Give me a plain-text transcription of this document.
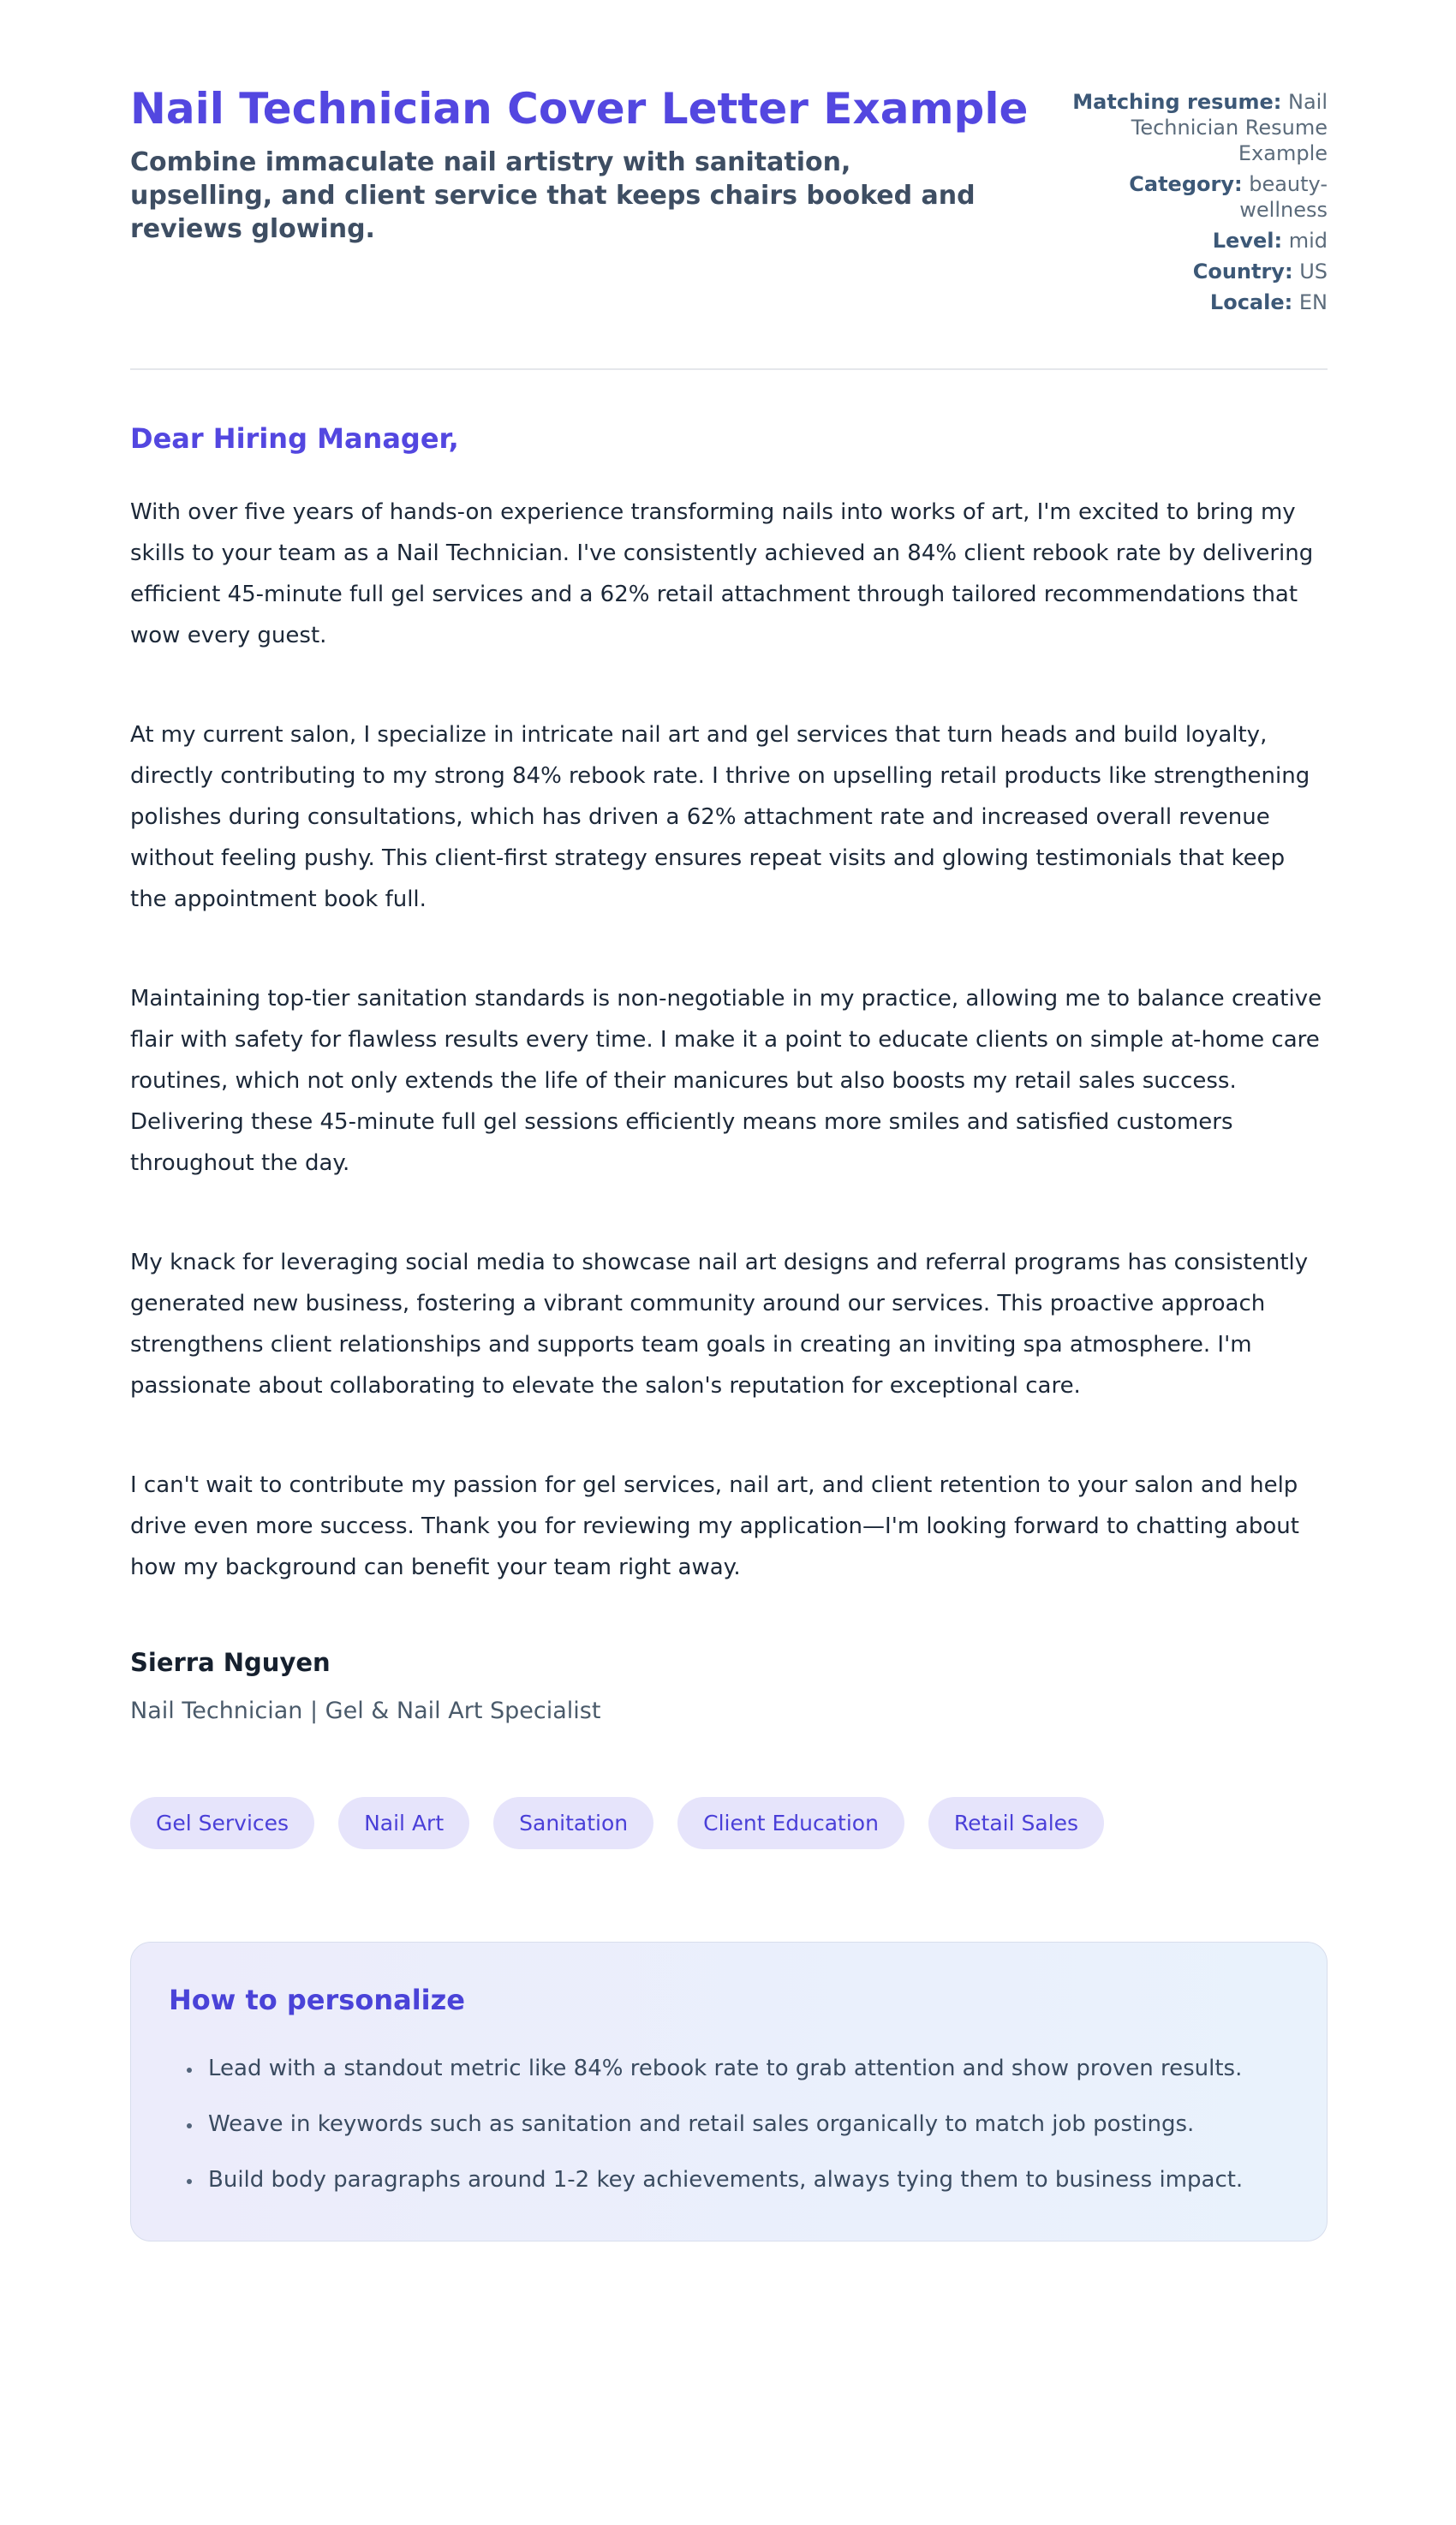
Nail Technician Cover Letter Example

Combine immaculate nail artistry with sanitation, upselling, and client service that keeps chairs booked and reviews glowing.

Matching resume: Nail Technician Resume Example
Category: beauty-wellness
Level: mid
Country: US
Locale: EN

Dear Hiring Manager,

With over five years of hands-on experience transforming nails into works of art, I'm excited to bring my skills to your team as a Nail Technician. I've consistently achieved an 84% client rebook rate by delivering efficient 45-minute full gel services and a 62% retail attachment through tailored recommendations that wow every guest.

At my current salon, I specialize in intricate nail art and gel services that turn heads and build loyalty, directly contributing to my strong 84% rebook rate. I thrive on upselling retail products like strengthening polishes during consultations, which has driven a 62% attachment rate and increased overall revenue without feeling pushy. This client-first strategy ensures repeat visits and glowing testimonials that keep the appointment book full.

Maintaining top-tier sanitation standards is non-negotiable in my practice, allowing me to balance creative flair with safety for flawless results every time. I make it a point to educate clients on simple at-home care routines, which not only extends the life of their manicures but also boosts my retail sales success. Delivering these 45-minute full gel sessions efficiently means more smiles and satisfied customers throughout the day.

My knack for leveraging social media to showcase nail art designs and referral programs has consistently generated new business, fostering a vibrant community around our services. This proactive approach strengthens client relationships and supports team goals in creating an inviting spa atmosphere. I'm passionate about collaborating to elevate the salon's reputation for exceptional care.

I can't wait to contribute my passion for gel services, nail art, and client retention to your salon and help drive even more success. Thank you for reviewing my application—I'm looking forward to chatting about how my background can benefit your team right away.

Sierra Nguyen

Nail Technician | Gel & Nail Art Specialist

Gel Services	Nail Art	Sanitation	Client Education	Retail Sales
How to personalize
• Lead with a standout metric like 84% rebook rate to grab attention and show proven results.
• Weave in keywords such as sanitation and retail sales organically to match job postings.
• Build body paragraphs around 1-2 key achievements, always tying them to business impact.
